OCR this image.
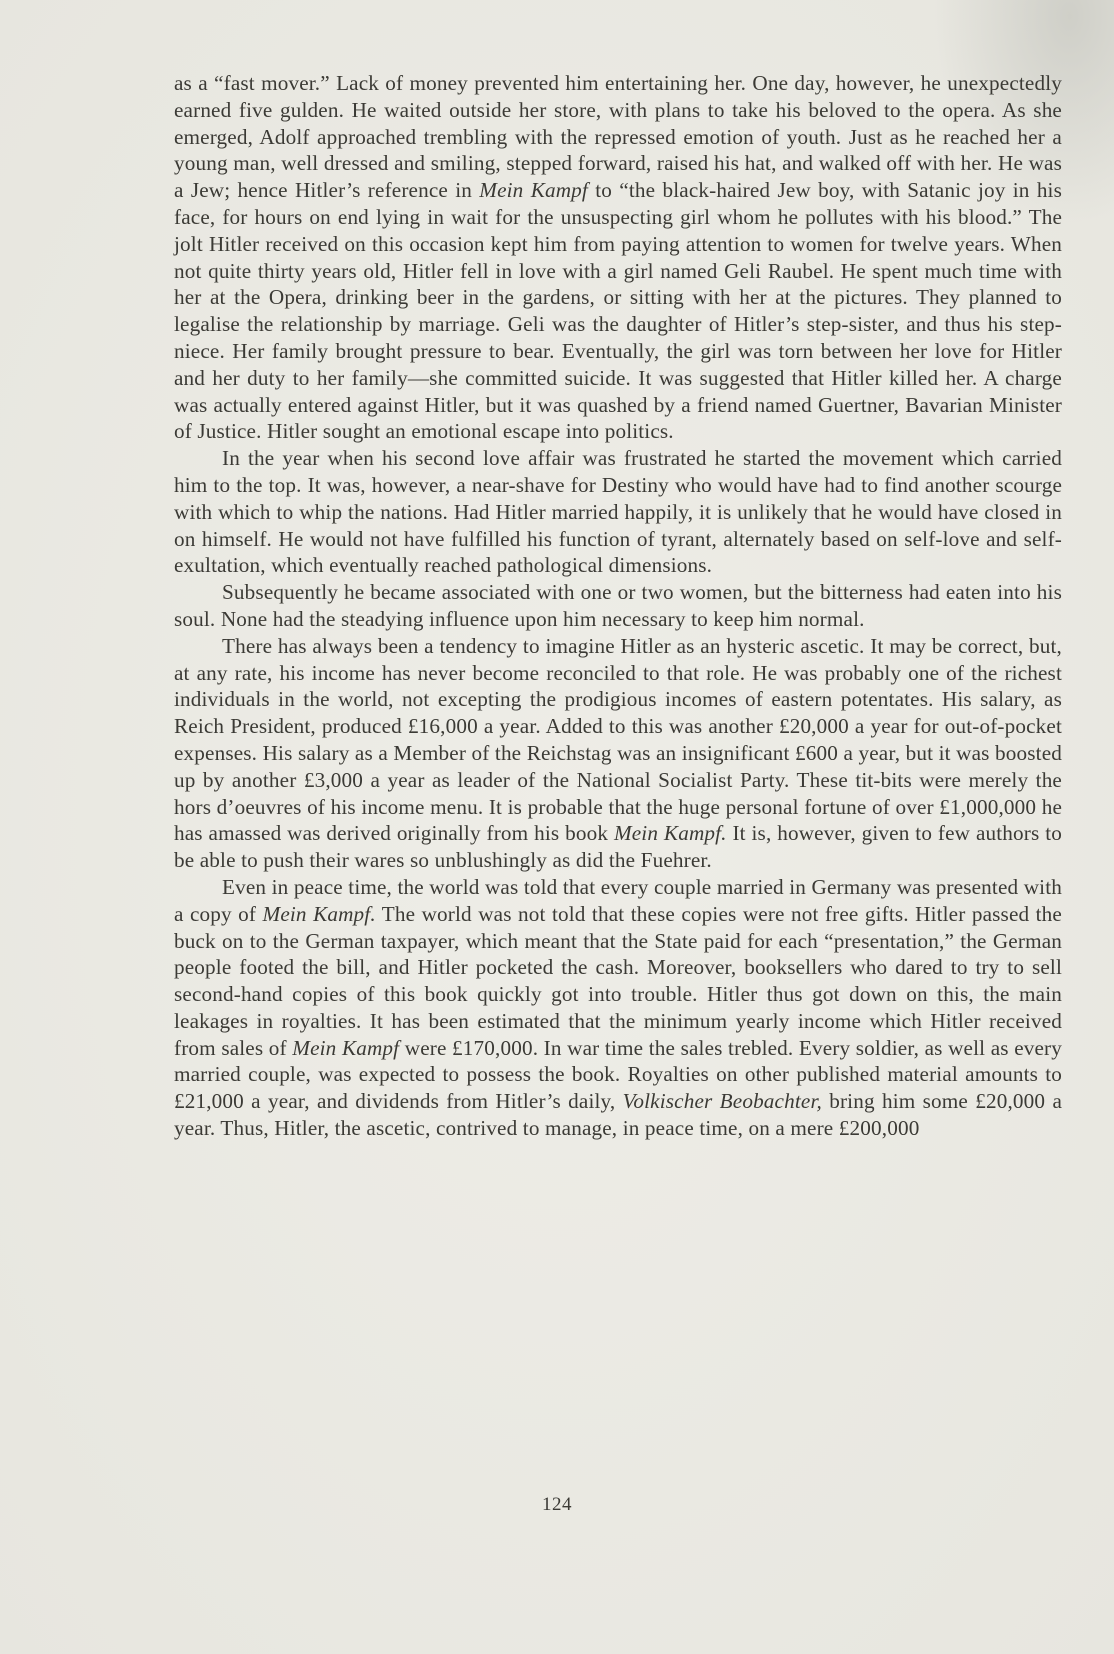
as a “fast mover.” Lack of money prevented him entertaining her. One day, however, he unexpectedly earned five gulden. He waited outside her store, with plans to take his beloved to the opera. As she emerged, Adolf approached trembling with the repressed emotion of youth. Just as he reached her a young man, well dressed and smiling, stepped forward, raised his hat, and walked off with her. He was a Jew; hence Hitler’s reference in Mein Kampf to “the black-haired Jew boy, with Satanic joy in his face, for hours on end lying in wait for the unsuspecting girl whom he pollutes with his blood.” The jolt Hitler received on this occasion kept him from paying attention to women for twelve years. When not quite thirty years old, Hitler fell in love with a girl named Geli Raubel. He spent much time with her at the Opera, drinking beer in the gardens, or sitting with her at the pictures. They planned to legalise the relationship by marriage. Geli was the daughter of Hitler’s step-sister, and thus his step-niece. Her family brought pressure to bear. Eventually, the girl was torn between her love for Hitler and her duty to her family—she committed suicide. It was suggested that Hitler killed her. A charge was actually entered against Hitler, but it was quashed by a friend named Guertner, Bavarian Minister of Justice. Hitler sought an emotional escape into politics.

In the year when his second love affair was frustrated he started the movement which carried him to the top. It was, however, a near-shave for Destiny who would have had to find another scourge with which to whip the nations. Had Hitler married happily, it is unlikely that he would have closed in on himself. He would not have fulfilled his function of tyrant, alternately based on self-love and self-exultation, which eventually reached pathological dimensions.

Subsequently he became associated with one or two women, but the bitterness had eaten into his soul. None had the steadying influence upon him necessary to keep him normal.

There has always been a tendency to imagine Hitler as an hysteric ascetic. It may be correct, but, at any rate, his income has never become reconciled to that role. He was probably one of the richest individuals in the world, not excepting the prodigious incomes of eastern potentates. His salary, as Reich President, produced £16,000 a year. Added to this was another £20,000 a year for out-of-pocket expenses. His salary as a Member of the Reichstag was an insignificant £600 a year, but it was boosted up by another £3,000 a year as leader of the National Socialist Party. These tit-bits were merely the hors d’oeuvres of his income menu. It is probable that the huge personal fortune of over £1,000,000 he has amassed was derived originally from his book Mein Kampf. It is, however, given to few authors to be able to push their wares so unblushingly as did the Fuehrer.

Even in peace time, the world was told that every couple married in Germany was presented with a copy of Mein Kampf. The world was not told that these copies were not free gifts. Hitler passed the buck on to the German taxpayer, which meant that the State paid for each “presentation,” the German people footed the bill, and Hitler pocketed the cash. Moreover, booksellers who dared to try to sell second-hand copies of this book quickly got into trouble. Hitler thus got down on this, the main leakages in royalties. It has been estimated that the minimum yearly income which Hitler received from sales of Mein Kampf were £170,000. In war time the sales trebled. Every soldier, as well as every married couple, was expected to possess the book. Royalties on other published material amounts to £21,000 a year, and dividends from Hitler’s daily, Volkischer Beobachter, bring him some £20,000 a year. Thus, Hitler, the ascetic, contrived to manage, in peace time, on a mere £200,000

124
